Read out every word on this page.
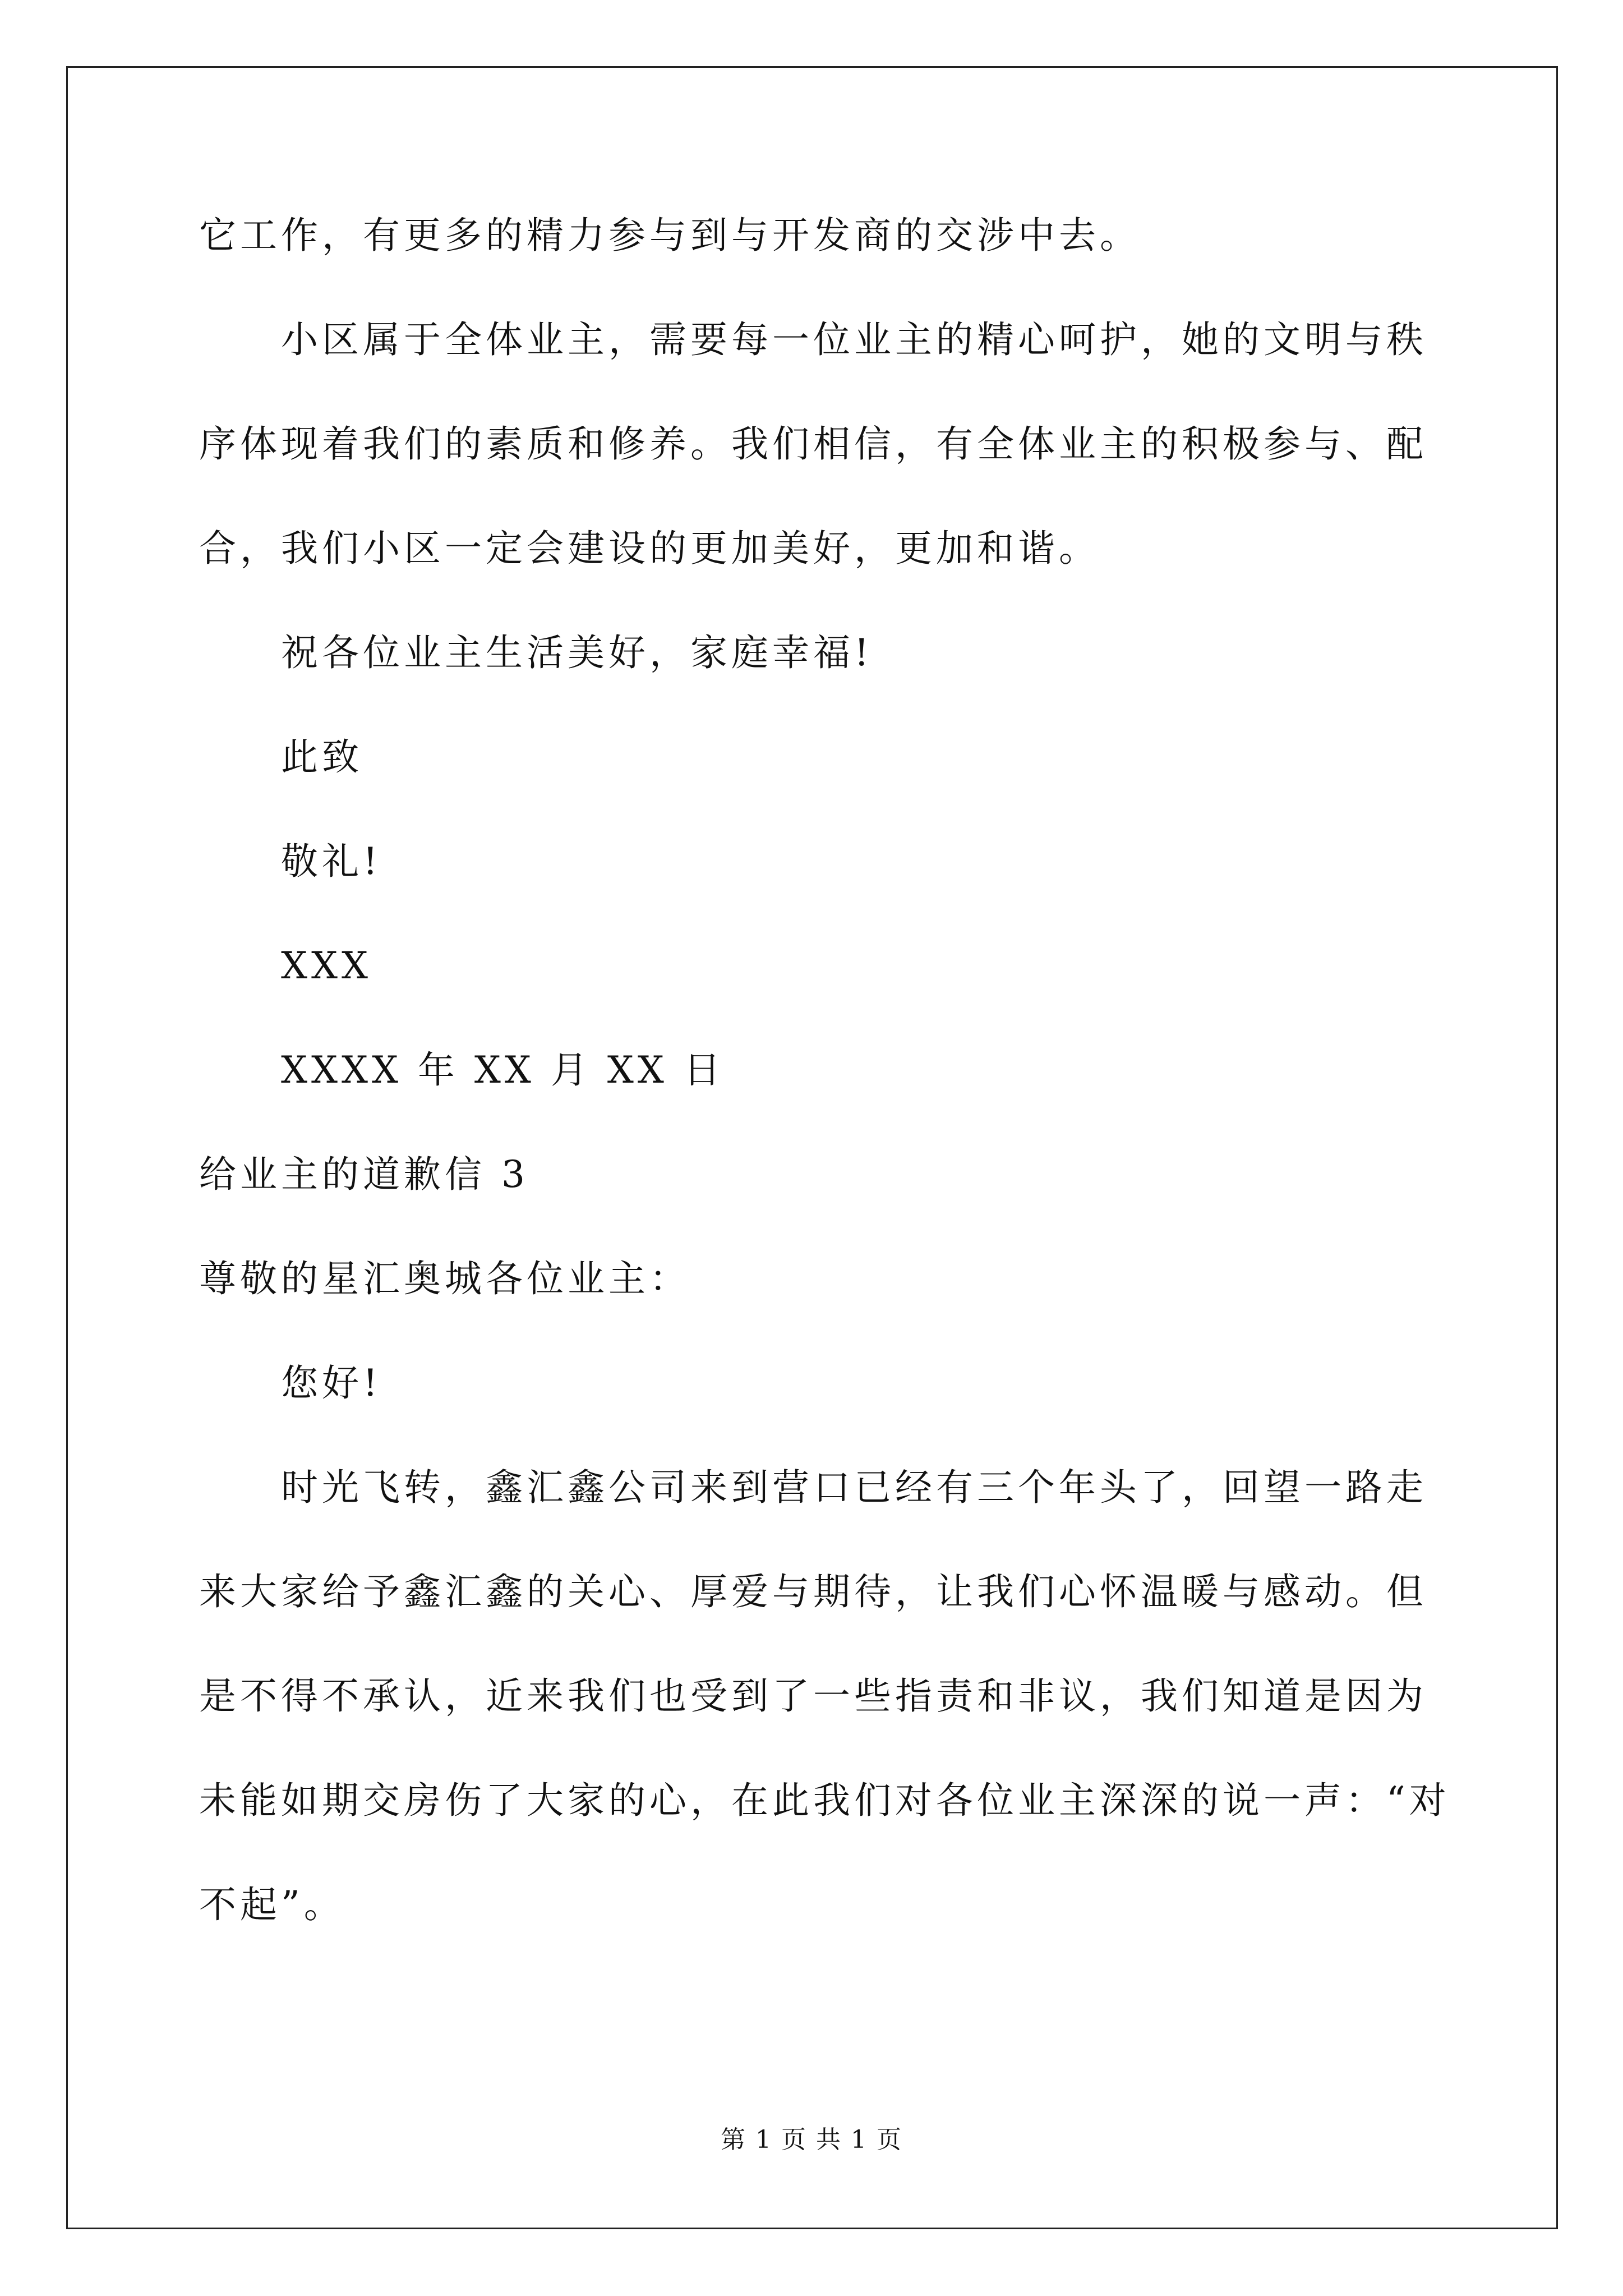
它工作，有更多的精力参与到与开发商的交涉中去。
小区属于全体业主，需要每一位业主的精心呵护，她的文明与秩
序体现着我们的素质和修养。我们相信，有全体业主的积极参与、配
合，我们小区一定会建设的更加美好，更加和谐。
祝各位业主生活美好，家庭幸福!
此致
敬礼!
XXX
XXXX 年 XX 月 XX 日
给业主的道歉信 3
尊敬的星汇奥城各位业主：
您好!
时光飞转，鑫汇鑫公司来到营口已经有三个年头了，回望一路走
来大家给予鑫汇鑫的关心、厚爱与期待，让我们心怀温暖与感动。但
是不得不承认，近来我们也受到了一些指责和非议，我们知道是因为
未能如期交房伤了大家的心，在此我们对各位业主深深的说一声：“对
不起”。
第 1 页 共 1 页
